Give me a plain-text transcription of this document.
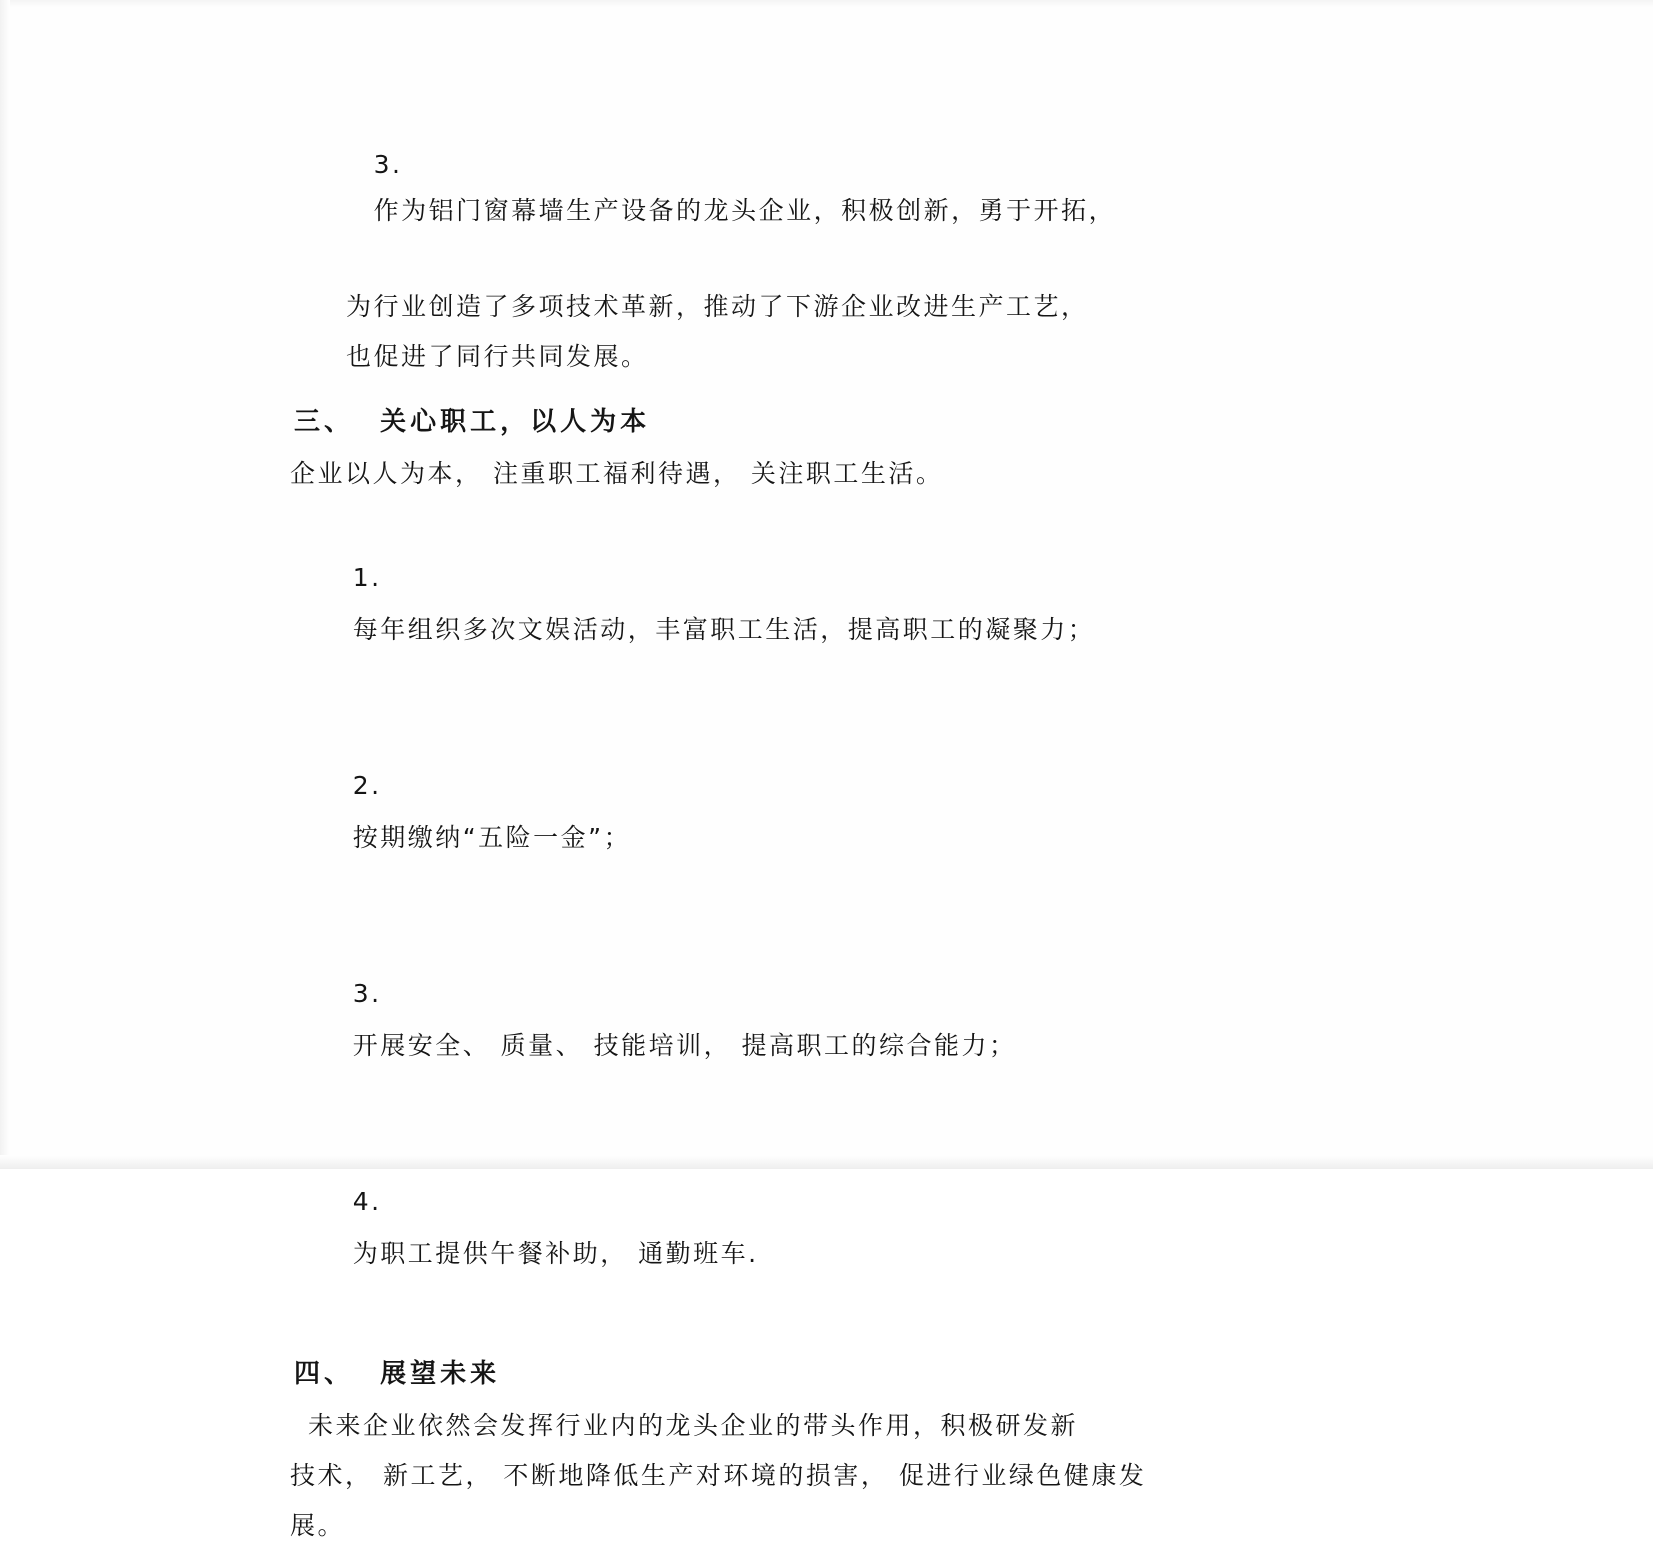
3.
作为铝门窗幕墙生产设备的龙头企业，积极创新，勇于开拓，

为行业创造了多项技术革新，推动了下游企业改进生产工艺，

也促进了同行共同发展。

三、  关心职工，以人为本

企业以人为本， 注重职工福利待遇， 关注职工生活。

1.
每年组织多次文娱活动，丰富职工生活，提高职工的凝聚力；

2.
按期缴纳“五险一金”；

3.
开展安全、 质量、 技能培训， 提高职工的综合能力；

4.
为职工提供午餐补助， 通勤班车.

四、  展望未来

未来企业依然会发挥行业内的龙头企业的带头作用，积极研发新

技术， 新工艺， 不断地降低生产对环境的损害， 促进行业绿色健康发

展。
